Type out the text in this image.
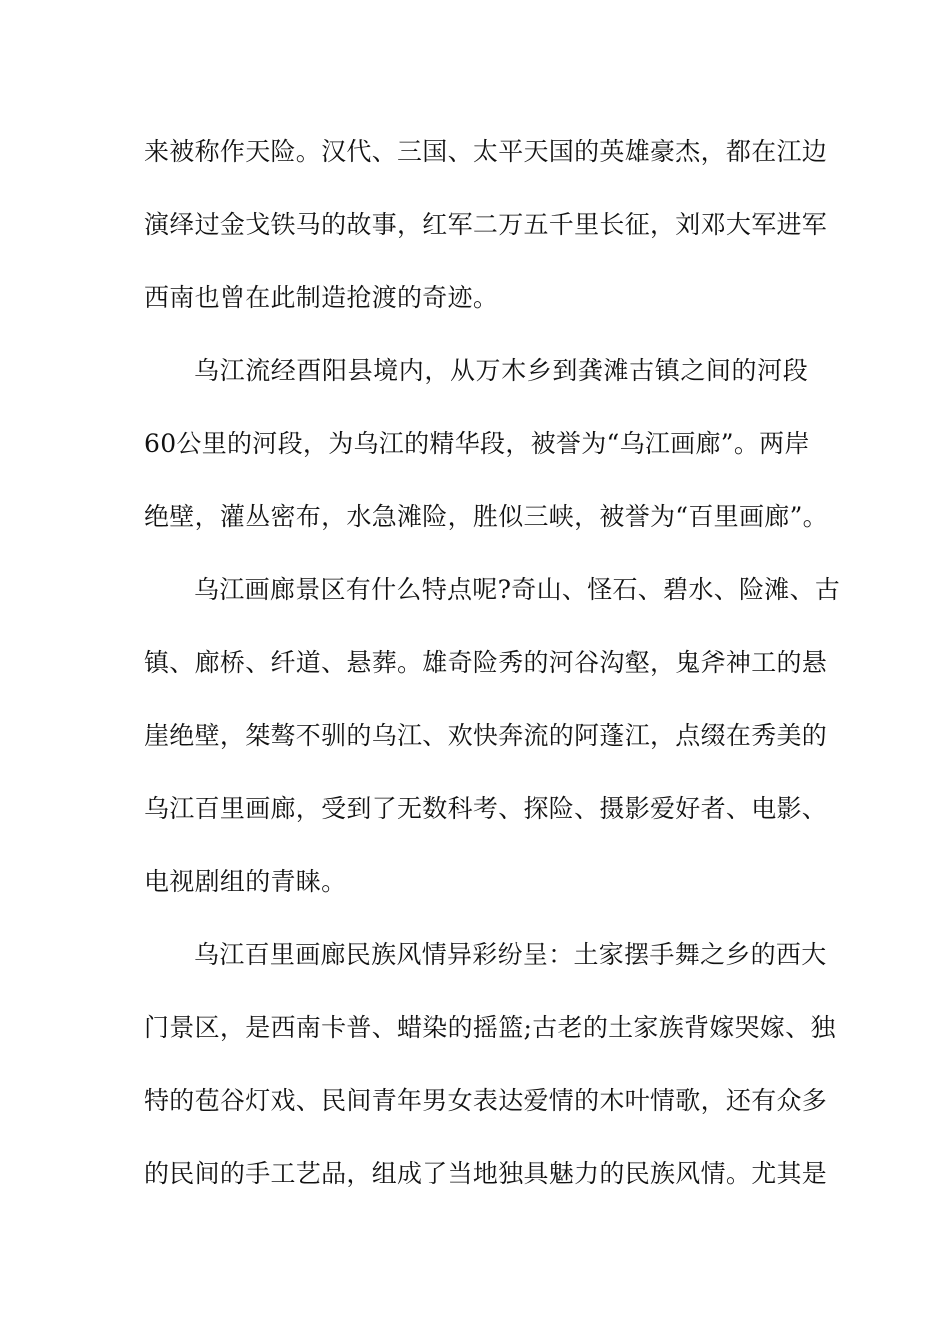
来被称作天险。汉代、三国、太平天国的英雄豪杰，都在江边
演绎过金戈铁马的故事，红军二万五千里长征，刘邓大军进军
西南也曾在此制造抢渡的奇迹。
乌江流经酉阳县境内，从万木乡到龚滩古镇之间的河段
60公里的河段，为乌江的精华段，被誉为“乌江画廊”。两岸
绝壁，灌丛密布，水急滩险，胜似三峡，被誉为“百里画廊”。
乌江画廊景区有什么特点呢?奇山、怪石、碧水、险滩、古
镇、廊桥、纤道、悬葬。雄奇险秀的河谷沟壑，鬼斧神工的悬
崖绝壁，桀骜不驯的乌江、欢快奔流的阿蓬江，点缀在秀美的
乌江百里画廊，受到了无数科考、探险、摄影爱好者、电影、
电视剧组的青睐。
乌江百里画廊民族风情异彩纷呈：土家摆手舞之乡的西大
门景区，是西南卡普、蜡染的摇篮;古老的土家族背嫁哭嫁、独
特的苞谷灯戏、民间青年男女表达爱情的木叶情歌，还有众多
的民间的手工艺品，组成了当地独具魅力的民族风情。尤其是
